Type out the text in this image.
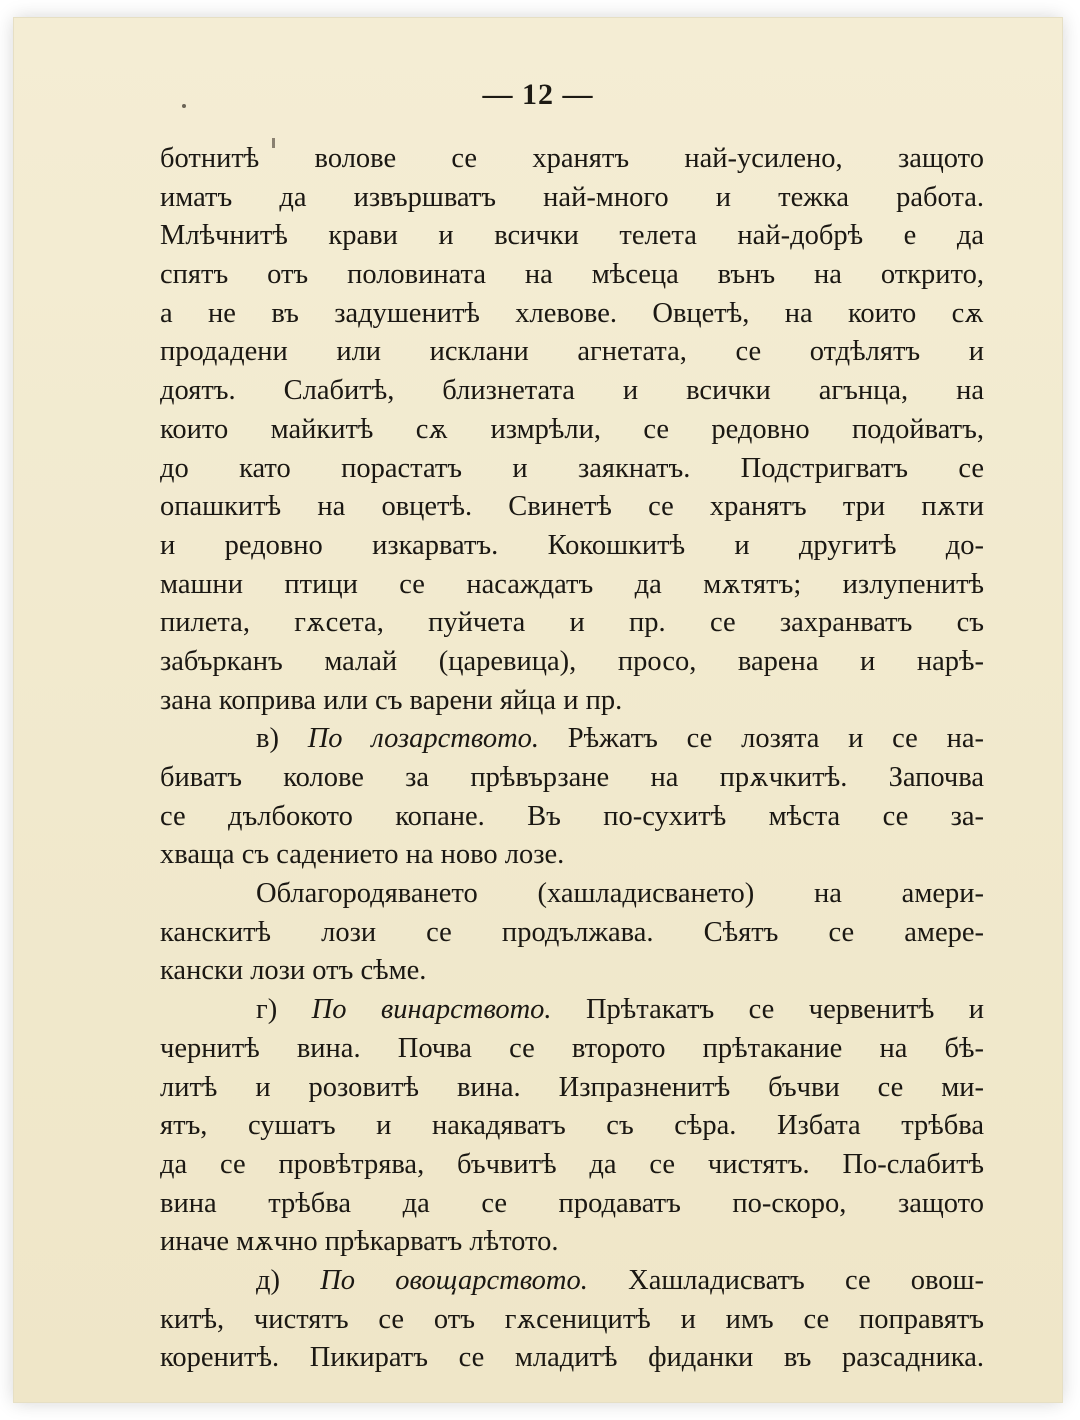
— 12 —
ботнитѣ волове се хранятъ най-усилено, защото
иматъ да извършватъ най-много и тежка работа.
Млѣчнитѣ крави и всички телета най-добрѣ е да
спятъ отъ половината на мѣсеца вънъ на открито,
а не въ задушенитѣ хлевове. Овцетѣ, на които сѫ
продадени или исклани агнетата, се отдѣлятъ и
доятъ. Слабитѣ, близнетата и всички агънца, на
които майкитѣ сѫ измрѣли, се редовно подойватъ,
до като порастатъ и заякнатъ. Подстригватъ се
опашкитѣ на овцетѣ. Свинетѣ се хранятъ три пѫти
и редовно изкарватъ. Кокошкитѣ и другитѣ до-
машни птици се насаждатъ да мѫтятъ; излупенитѣ
пилета, гѫсета, пуйчета и пр. се захранватъ съ
забърканъ малай (царевица), просо, варена и нарѣ-
зана коприва или съ варени яйца и пр.
в) По лозарството. Рѣжатъ се лозята и се на-
биватъ колове за прѣвързане на прѫчкитѣ. Започва
се дълбокото копане. Въ по-сухитѣ мѣста се за-
хваща съ садението на ново лозе.
Облагородяването (хашладисването) на амери-
канскитѣ лози се продължава. Сѣятъ се амере-
кански лози отъ сѣме.
г) По винарството. Прѣтакатъ се червенитѣ и
чернитѣ вина. Почва се второто прѣтакание на бѣ-
литѣ и розовитѣ вина. Изпразненитѣ бъчви се ми-
ятъ, сушатъ и накадяватъ съ сѣра. Избата трѣбва
да се провѣтрява, бъчвитѣ да се чистятъ. По-слабитѣ
вина трѣбва да се продаватъ по-скоро, защото
иначе мѫчно прѣкарватъ лѣтото.
д) По овощарството. Хашладисватъ се овош-
китѣ, чистятъ се отъ гѫсеницитѣ и имъ се поправятъ
коренитѣ. Пикиратъ се младитѣ фиданки въ разсадника.
